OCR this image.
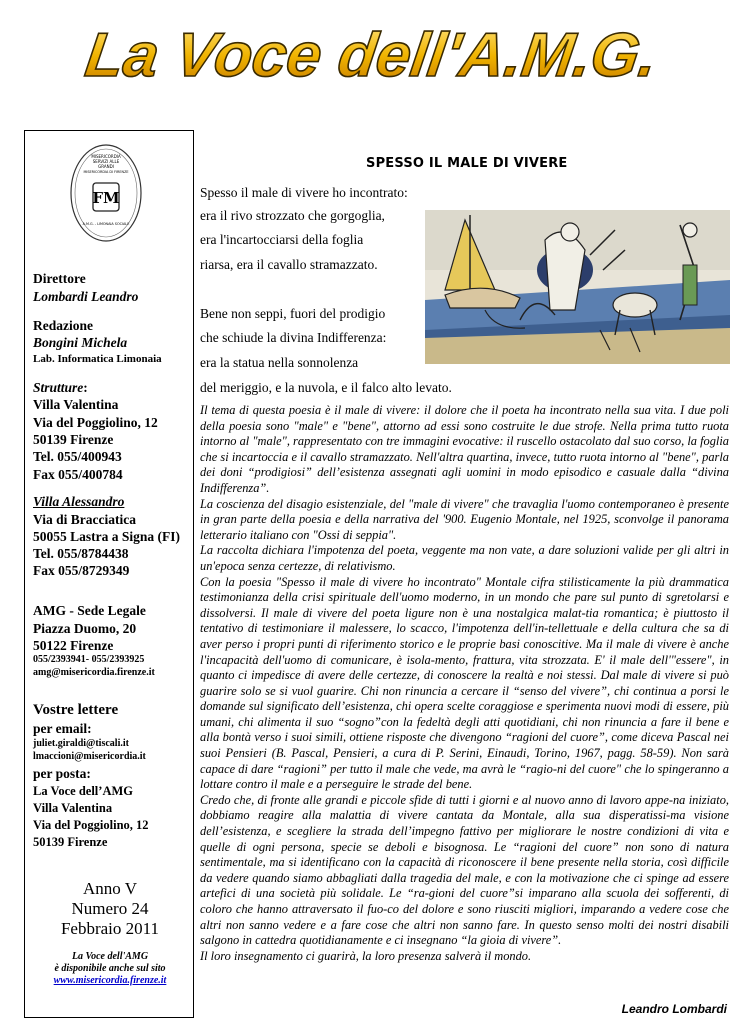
La Voce dell'A.M.G.
MISERICORDIA
SERVIZI ALLE
GRANDI
MISERICORDIA DI FIRENZE
FM
A.M.G. - LIMONAIA SOCIALE
Direttore
Lombardi Leandro
Redazione
Bongini Michela
Lab. Informatica Limonaia
Strutture:
Villa Valentina
Via del Poggiolino, 12
50139 Firenze
Tel. 055/400943
Fax 055/400784
Villa Alessandro
Via di Bracciatica
50055 Lastra a Signa (FI)
Tel. 055/8784438
Fax 055/8729349
AMG - Sede Legale
Piazza Duomo, 20
50122 Firenze
055/2393941- 055/2393925
amg@misericordia.firenze.it
Vostre lettere
per email:
juliet.giraldi@tiscali.it
lmaccioni@misericordia.it
per posta:
La Voce dell’AMG
Villa Valentina
Via del Poggiolino, 12
50139 Firenze
Anno V
Numero 24
Febbraio 2011
La Voce dell'AMG
è disponibile anche sul sito
www.misericordia.firenze.it
SPESSO IL MALE DI VIVERE
Spesso il male di vivere ho incontrato:
era il rivo strozzato che gorgoglia,
era l'incartocciarsi della foglia
riarsa, era il cavallo stramazzato.
Bene non seppi, fuori del prodigio
che schiude la divina Indifferenza:
era la statua nella sonnolenza
del meriggio, e la nuvola, e il falco alto levato.

Il tema di questa poesia è il male di vivere: il dolore che il poeta ha incontrato nella sua vita. I due poli della poesia sono "male" e "bene", attorno ad essi sono costruite le due strofe. Nella prima tutto ruota intorno al "male", rappresentato con tre immagini evocative: il ruscello ostacolato dal suo corso, la foglia che si incartoccia e il cavallo stramazzato. Nell'altra quartina, invece, tutto ruota intorno al "bene", parla dei doni “prodigiosi” dell’esistenza assegnati agli uomini in modo episodico e casuale dalla “divina Indifferenza”.

La coscienza del disagio esistenziale, del "male di vivere" che travaglia l'uomo contemporaneo è presente in gran parte della poesia e della narrativa del '900. Eugenio Montale, nel 1925, sconvolge il panorama letterario italiano con "Ossi di seppia".

La raccolta dichiara l'impotenza del poeta, veggente ma non vate, a dare soluzioni valide per gli altri in un'epoca senza certezze, di relativismo.

Con la poesia "Spesso il male di vivere ho incontrato" Montale cifra stilisticamente la più drammatica testimonianza della crisi spirituale dell'uomo moderno, in un mondo che pare sul punto di sgretolarsi e dissolversi. Il male di vivere del poeta ligure non è una nostalgica malat-tia romantica; è piuttosto il tentativo di testimoniare il malessere, lo scacco, l'impotenza dell'in-tellettuale e della cultura che sa di aver perso i propri punti di riferimento storico e le proprie basi conoscitive. Ma il male di vivere è anche l'incapacità dell'uomo di comunicare, è isola-mento, frattura, vita strozzata. E' il male dell'"essere", in quanto ci impedisce di avere delle certezze, di conoscere la realtà e noi stessi. Dal male di vivere si può guarire solo se si vuol guarire. Chi non rinuncia a cercare il “senso del vivere”, chi continua a porsi le domande sul significato dell’esistenza, chi opera scelte coraggiose e sperimenta nuovi modi di essere, più umani, chi alimenta il suo “sogno”con la fedeltà degli atti quotidiani, chi non rinuncia a fare il bene e alla bontà verso i suoi simili, ottiene risposte che divengono “ragioni del cuore”, come diceva Pascal nei suoi Pensieri (B. Pascal, Pensieri, a cura di P. Serini, Einaudi, Torino, 1967, pagg. 58-59). Non sarà capace di dare “ragioni” per tutto il male che vede, ma avrà le “ragio-ni del cuore" che lo spingeranno a lottare contro il male e a perseguire le strade del bene.

Credo che, di fronte alle grandi e piccole sfide di tutti i giorni e al nuovo anno di lavoro appe-na iniziato, dobbiamo reagire alla malattia di vivere cantata da Montale, alla sua disperatissi-ma visione dell’esistenza, e scegliere la strada dell’impegno fattivo per migliorare le nostre condizioni di vita e quelle di ogni persona, specie se deboli e bisognosa. Le “ragioni del cuore” non sono di natura sentimentale, ma si identificano con la capacità di riconoscere il bene presente nella storia, così difficile da vedere quando siamo abbagliati dalla tragedia del male, e con la motivazione che ci spinge ad essere artefici di una società più solidale. Le “ra-gioni del cuore”si imparano alla scuola dei sofferenti, di coloro che hanno attraversato il fuo-co del dolore e sono riusciti migliori, imparando a vedere cose che altri non sanno vedere e a fare cose che altri non sanno fare. In questo senso molti dei nostri disabili salgono in cattedra quotidianamente e ci insegnano “la gioia di vivere”.

Il loro insegnamento ci guarirà, la loro presenza salverà il mondo.

Leandro Lombardi
